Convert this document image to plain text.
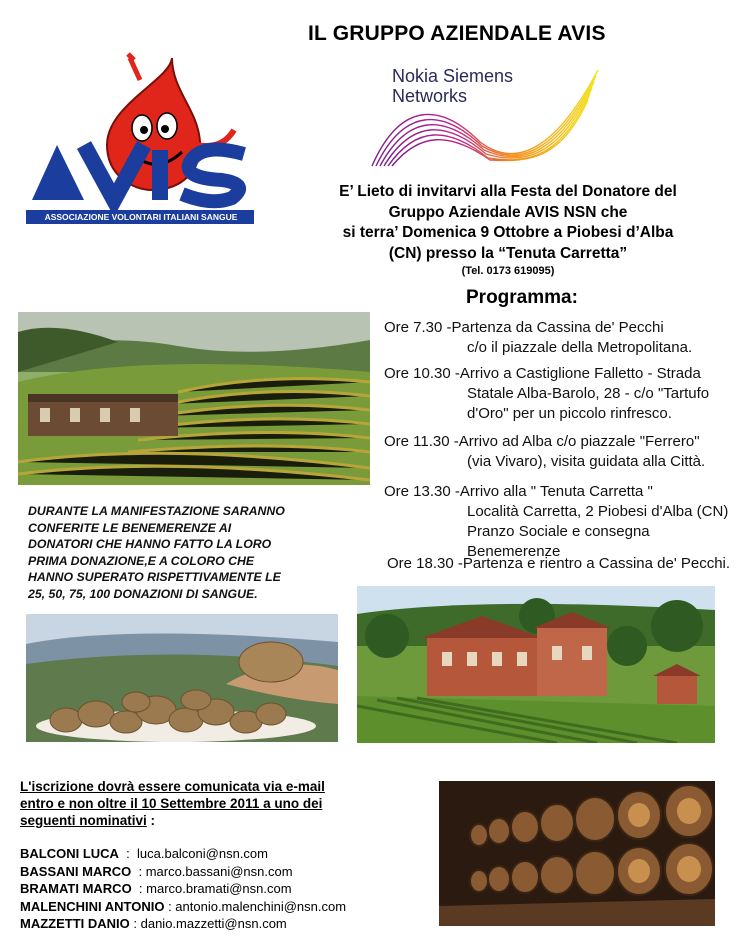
IL GRUPPO AZIENDALE AVIS
ASSOCIAZIONE VOLONTARI ITALIANI SANGUE
Nokia Siemens
Networks
E’ Lieto di invitarvi alla Festa del Donatore del
Gruppo Aziendale AVIS NSN che
si terra’ Domenica 9 Ottobre a Piobesi d’Alba
(CN) presso la “Tenuta Carretta”
(Tel. 0173 619095)
Programma:
Ore 7.30 -Partenza da Cassina de' Pecchi
c/o il piazzale della Metropolitana.
Ore 10.30 -Arrivo a Castiglione Falletto - Strada
Statale Alba-Barolo, 28 - c/o "Tartufo
d'Oro" per un piccolo rinfresco.
Ore 11.30 -Arrivo ad Alba c/o piazzale "Ferrero"
(via Vivaro), visita guidata alla Città.
Ore 13.30 -Arrivo alla " Tenuta Carretta "
Località Carretta, 2 Piobesi d'Alba (CN)
Pranzo Sociale e consegna Benemerenze
Ore 18.30 -Partenza e rientro a Cassina de' Pecchi.
DURANTE LA MANIFESTAZIONE SARANNO
CONFERITE LE BENEMERENZE AI
DONATORI CHE HANNO FATTO LA LORO
PRIMA DONAZIONE,E A COLORO CHE
HANNO SUPERATO RISPETTIVAMENTE LE
25, 50, 75, 100 DONAZIONI DI SANGUE.
L'iscrizione dovrà essere comunicata via e-mail
entro e non oltre il 10 Settembre 2011 a uno dei
seguenti nominativi :
BALCONI LUCA  :  luca.balconi@nsn.com
BASSANI MARCO  : marco.bassani@nsn.com
BRAMATI MARCO  : marco.bramati@nsn.com
MALENCHINI ANTONIO : antonio.malenchini@nsn.com
MAZZETTI DANIO : danio.mazzetti@nsn.com
